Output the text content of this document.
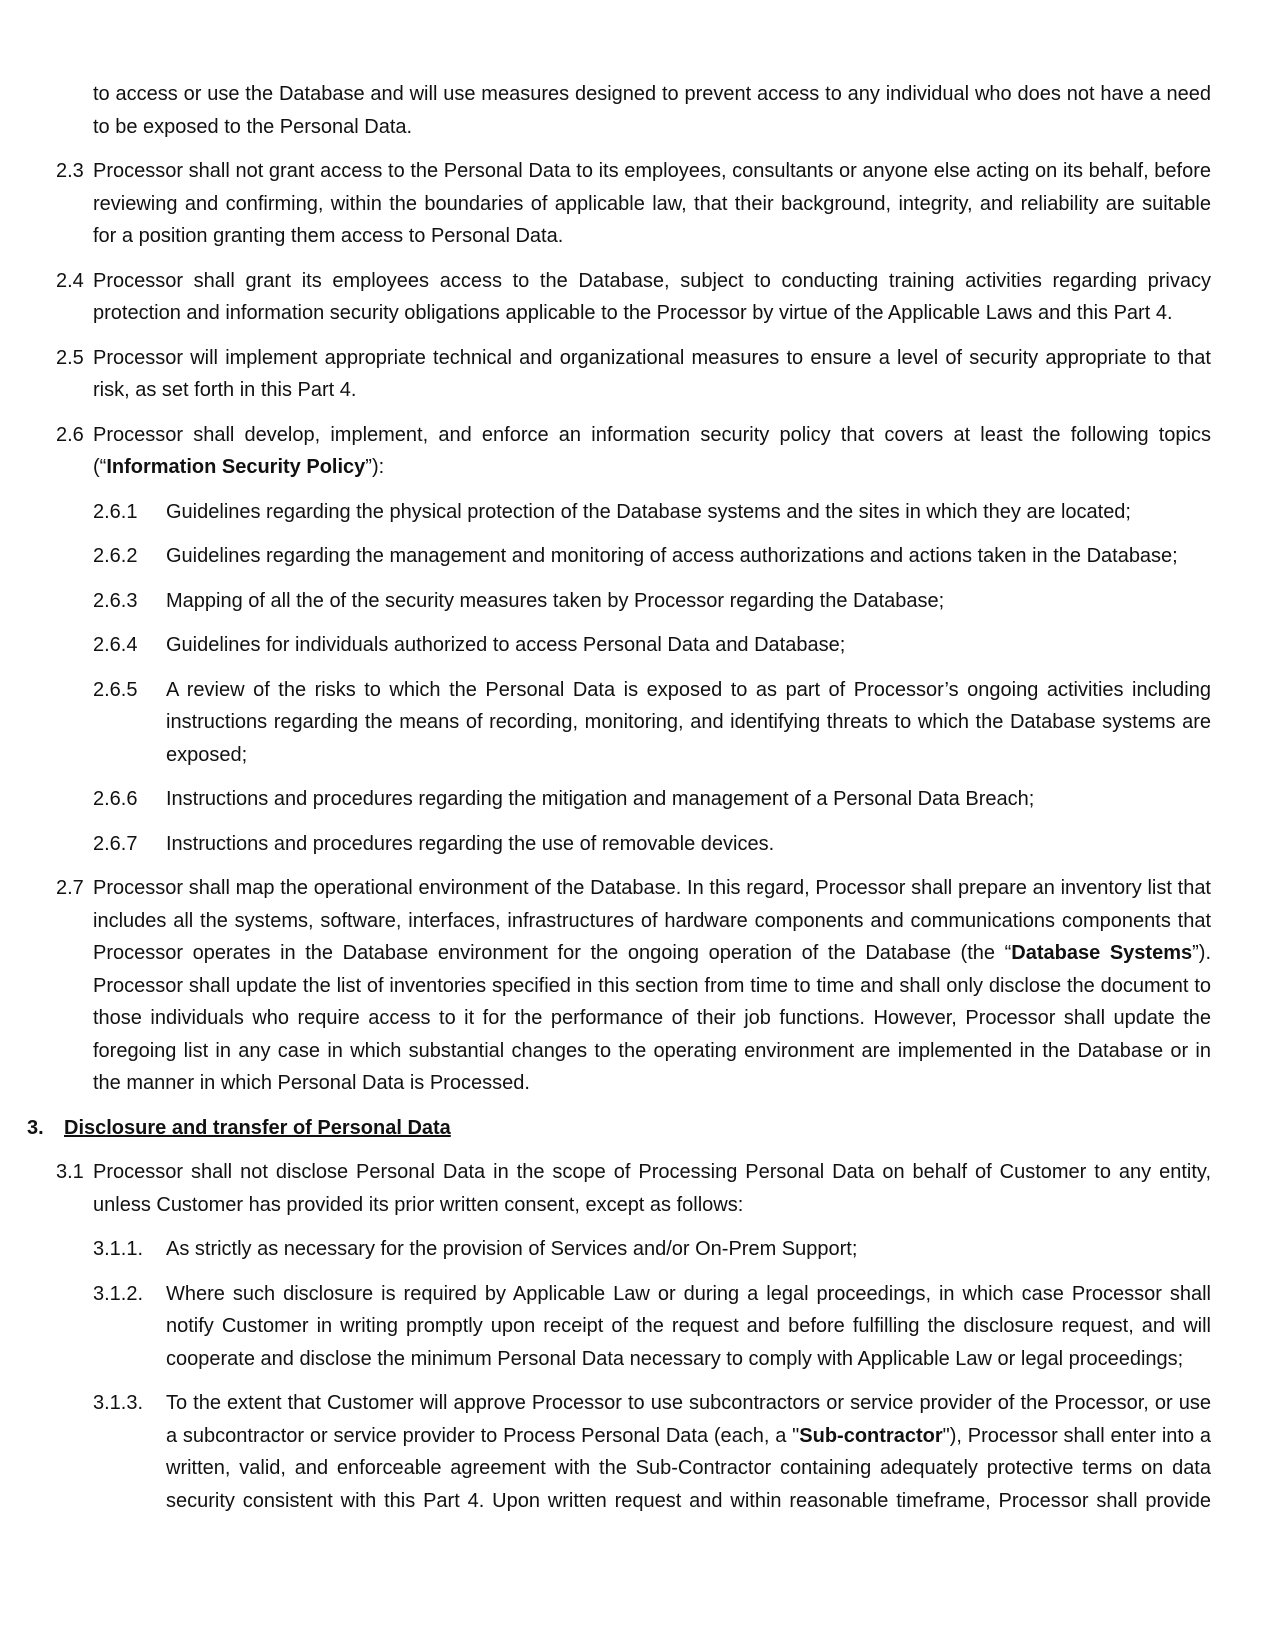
to access or use the Database and will use measures designed to prevent access to any individual who does not have a need to be exposed to the Personal Data.

2.3 Processor shall not grant access to the Personal Data to its employees, consultants or anyone else acting on its behalf, before reviewing and confirming, within the boundaries of applicable law, that their background, integrity, and reliability are suitable for a position granting them access to Personal Data.

2.4 Processor shall grant its employees access to the Database, subject to conducting training activities regarding privacy protection and information security obligations applicable to the Processor by virtue of the Applicable Laws and this Part 4.

2.5 Processor will implement appropriate technical and organizational measures to ensure a level of security appropriate to that risk, as set forth in this Part 4.

2.6 Processor shall develop, implement, and enforce an information security policy that covers at least the following topics (“Information Security Policy”):

2.6.1 Guidelines regarding the physical protection of the Database systems and the sites in which they are located;

2.6.2 Guidelines regarding the management and monitoring of access authorizations and actions taken in the Database;

2.6.3 Mapping of all the of the security measures taken by Processor regarding the Database;

2.6.4 Guidelines for individuals authorized to access Personal Data and Database;

2.6.5 A review of the risks to which the Personal Data is exposed to as part of Processor’s ongoing activities including instructions regarding the means of recording, monitoring, and identifying threats to which the Database systems are exposed;

2.6.6 Instructions and procedures regarding the mitigation and management of a Personal Data Breach;

2.6.7 Instructions and procedures regarding the use of removable devices.

2.7 Processor shall map the operational environment of the Database. In this regard, Processor shall prepare an inventory list that includes all the systems, software, interfaces, infrastructures of hardware components and communications components that Processor operates in the Database environment for the ongoing operation of the Database (the “Database Systems”). Processor shall update the list of inventories specified in this section from time to time and shall only disclose the document to those individuals who require access to it for the performance of their job functions. However, Processor shall update the foregoing list in any case in which substantial changes to the operating environment are implemented in the Database or in the manner in which Personal Data is Processed.

3. Disclosure and transfer of Personal Data

3.1 Processor shall not disclose Personal Data in the scope of Processing Personal Data on behalf of Customer to any entity, unless Customer has provided its prior written consent, except as follows:

3.1.1. As strictly as necessary for the provision of Services and/or On-Prem Support;

3.1.2. Where such disclosure is required by Applicable Law or during a legal proceedings, in which case Processor shall notify Customer in writing promptly upon receipt of the request and before fulfilling the disclosure request, and will cooperate and disclose the minimum Personal Data necessary to comply with Applicable Law or legal proceedings;

3.1.3. To the extent that Customer will approve Processor to use subcontractors or service provider of the Processor, or use a subcontractor or service provider to Process Personal Data (each, a "Sub-contractor"), Processor shall enter into a written, valid, and enforceable agreement with the Sub-Contractor containing adequately protective terms on data security consistent with this Part 4. Upon written request and within reasonable timeframe, Processor shall provide
